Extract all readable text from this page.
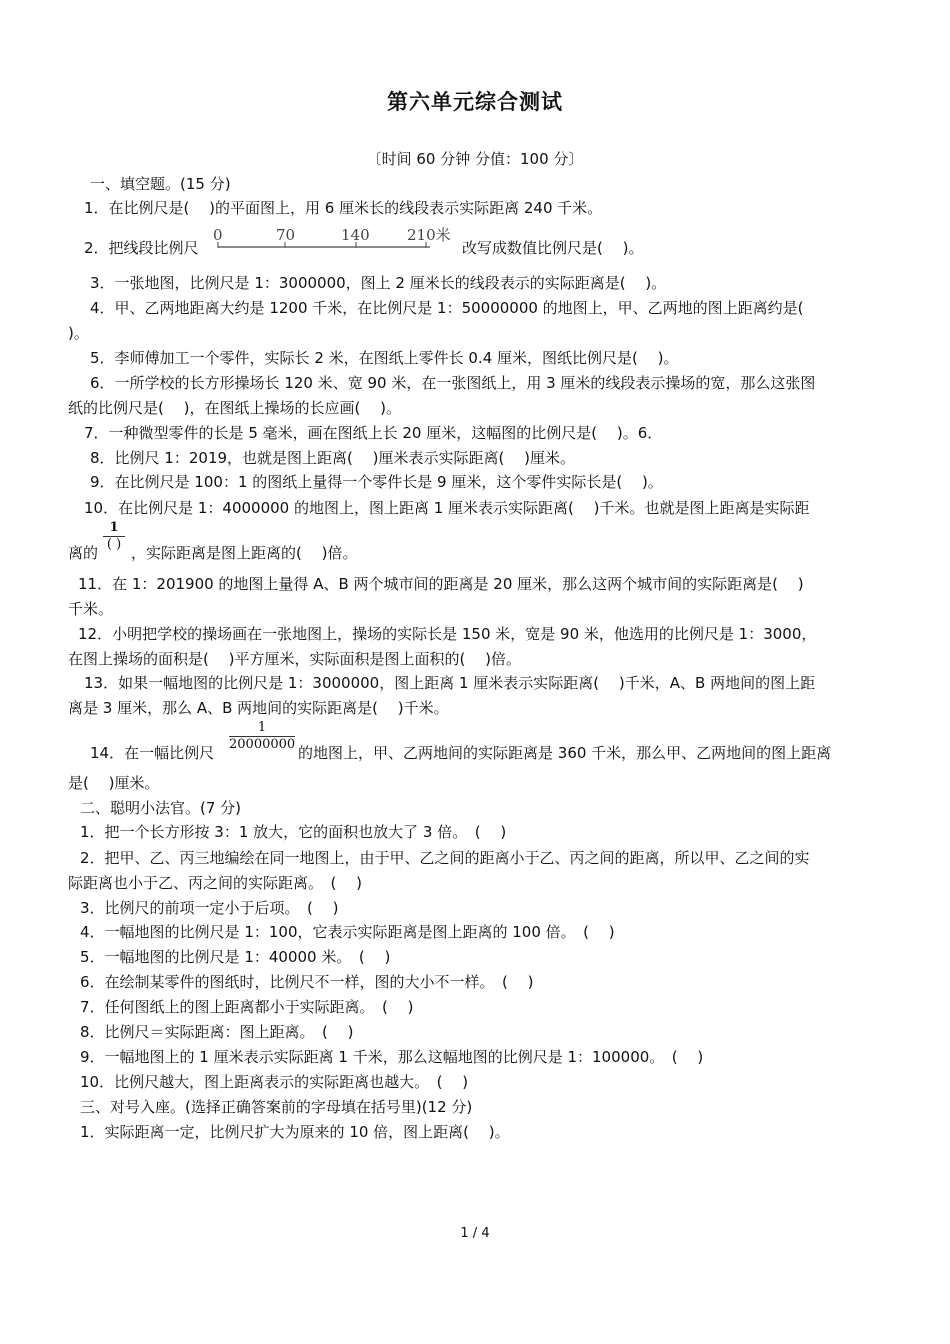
第六单元综合测试
〔时间 60 分钟 分值：100 分〕
一、填空题。(15 分)
1．在比例尺是(　 )的平面图上，用 6 厘米长的线段表示实际距离 240 千米。
2．把线段比例尺
0	70	140 210米
改写成数值比例尺是(　 )。
3．一张地图，比例尺是 1：3000000，图上 2 厘米长的线段表示的实际距离是(　 )。
4．甲、乙两地距离大约是 1200 千米，在比例尺是 1：50000000 的地图上，甲、乙两地的图上距离约是(
)。
5．李师傅加工一个零件，实际长 2 米，在图纸上零件长 0.4 厘米，图纸比例尺是(　 )。
6．一所学校的长方形操场长 120 米、宽 90 米，在一张图纸上，用 3 厘米的线段表示操场的宽，那么这张图
纸的比例尺是(　 )，在图纸上操场的长应画(　 )。
7．一种微型零件的长是 5 毫米，画在图纸上长 20 厘米，这幅图的比例尺是(　 )。6．
8．比例尺 1：2019，也就是图上距离(　 )厘米表示实际距离(　 )厘米。
9．在比例尺是 100：1 的图纸上量得一个零件长是 9 厘米，这个零件实际长是(　 )。
10．在比例尺是 1：4000000 的地图上，图上距离 1 厘米表示实际距离(　 )千米。也就是图上距离是实际距
离的
1
( ) ，实际距离是图上距离的(　 )倍。
11．在 1：201900 的地图上量得 A、B 两个城市间的距离是 20 厘米，那么这两个城市间的实际距离是(　 )
千米。
12．小明把学校的操场画在一张地图上，操场的实际长是 150 米，宽是 90 米，他选用的比例尺是 1：3000，
在图上操场的面积是(　 )平方厘米，实际面积是图上面积的(　 )倍。
13．如果一幅地图的比例尺是 1：3000000，图上距离 1 厘米表示实际距离(　 )千米，A、B 两地间的图上距
离是 3 厘米，那么 A、B 两地间的实际距离是(　 )千米。
14．在一幅比例尺 $\frac{1}{20000000}$ 的地图上，甲、乙两地间的实际距离是 360 千米，那么甲、乙两地间的图上距离
是(　 )厘米。
二、聪明小法官。(7 分)
1．把一个长方形按 3：1 放大，它的面积也放大了 3 倍。　(　 )
2．把甲、乙、丙三地编绘在同一地图上，由于甲、乙之间的距离小于乙、丙之间的距离，所以甲、乙之间的实
际距离也小于乙、丙之间的实际距离。　(　 )
3．比例尺的前项一定小于后项。　(　 )
4．一幅地图的比例尺是 1：100，它表示实际距离是图上距离的 100 倍。　(　 )
5．一幅地图的比例尺是 1：40000 米。　(　 )
6．在绘制某零件的图纸时，比例尺不一样，图的大小不一样。　(　 )
7．任何图纸上的图上距离都小于实际距离。　(　 )
8．比例尺＝实际距离：图上距离。　(　 )
9．一幅地图上的 1 厘米表示实际距离 1 千米，那么这幅地图的比例尺是 1：100000。　(　 )
10．比例尺越大，图上距离表示的实际距离也越大。　(　 )
三、对号入座。(选择正确答案前的字母填在括号里)(12 分)
1．实际距离一定，比例尺扩大为原来的 10 倍，图上距离(　 )。
1 / 4
